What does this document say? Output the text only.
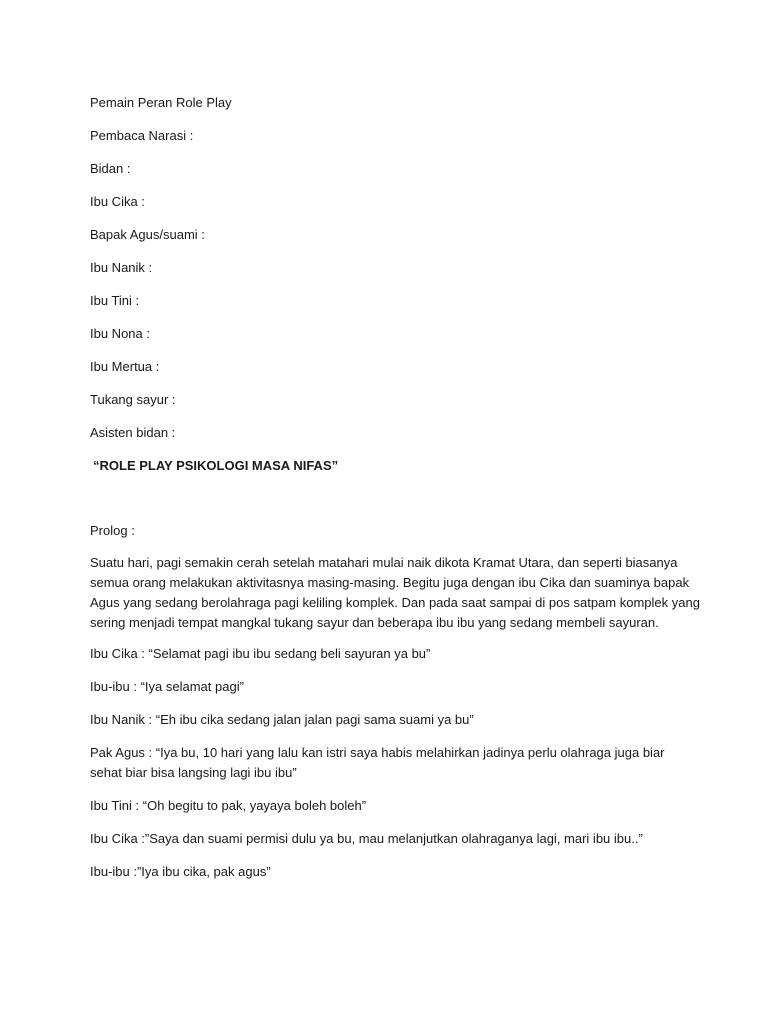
Pemain Peran Role Play

Pembaca Narasi :

Bidan :

Ibu Cika :

Bapak Agus/suami :

Ibu Nanik :

Ibu Tini :

Ibu Nona :

Ibu Mertua :

Tukang sayur :

Asisten bidan :

“ROLE PLAY PSIKOLOGI MASA NIFAS”

Prolog :

Suatu hari, pagi semakin cerah setelah matahari mulai naik dikota Kramat Utara, dan seperti biasanya
semua orang melakukan aktivitasnya masing-masing. Begitu juga dengan ibu Cika dan suaminya bapak
Agus yang sedang berolahraga pagi keliling komplek. Dan pada saat sampai di pos satpam komplek yang
sering menjadi tempat mangkal tukang sayur dan beberapa ibu ibu yang sedang membeli sayuran.
Ibu Cika : “Selamat pagi ibu ibu sedang beli sayuran ya bu”
Ibu-ibu : “Iya selamat pagi”
Ibu Nanik : “Eh ibu cika sedang jalan jalan pagi sama suami ya bu”
Pak Agus : “Iya bu, 10 hari yang lalu kan istri saya habis melahirkan jadinya perlu olahraga juga biar
sehat biar bisa langsing lagi ibu ibu”
Ibu Tini : “Oh begitu to pak, yayaya boleh boleh”
Ibu Cika :”Saya dan suami permisi dulu ya bu, mau melanjutkan olahraganya lagi, mari ibu ibu..”
Ibu-ibu :”Iya ibu cika, pak agus”
